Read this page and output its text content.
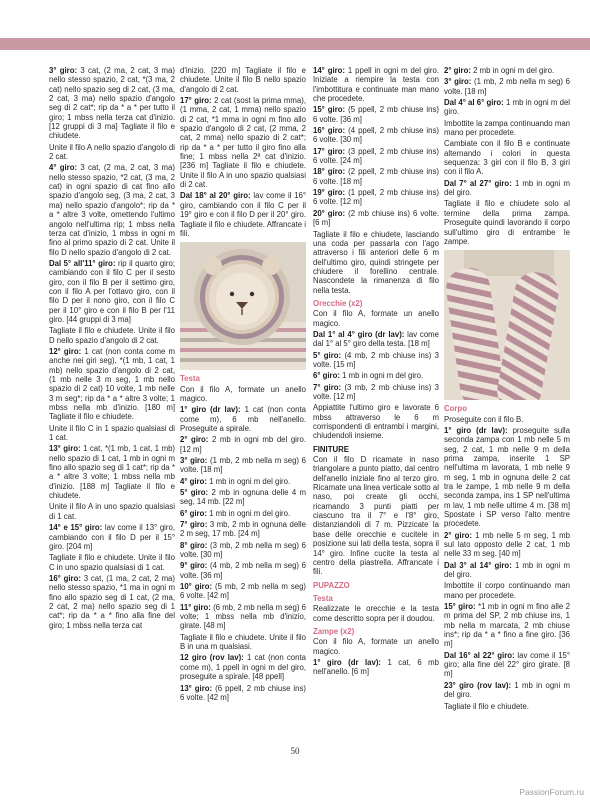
3° giro: 3 cat, (2 ma, 2 cat, 3 ma) nello stesso spazio, 2 cat, *(3 ma, 2 cat) nello spazio seg di 2 cat, (3 ma, 2 cat, 3 ma) nello spazio d'angolo seg di 2 cat*; rip da * a * per tutto il giro; 1 mbss nella terza cat d'inizio. [12 gruppi di 3 ma] Tagliate il filo e chiudete.

Unite il filo A nello spazio d'angolo di 2 cat.

4° giro: 3 cat, (2 ma, 2 cat, 3 ma) nello stesso spazio, *2 cat, (3 ma, 2 cat) in ogni spazio di cat fino allo spazio d'angolo seg, (3 ma, 2 cat, 3 ma) nello spazio d'angolo*; rip da * a * altre 3 volte, omettendo l'ultimo angolo nell'ultima rip; 1 mbss nella terza cat d'inizio, 1 mbss in ogni m fino al primo spazio di 2 cat. Unite il filo D nello spazio d'angolo di 2 cat.

Dal 5° all'11° giro: rip il quarto giro; cambiando con il filo C per il sesto giro, con il filo B per il settimo giro, con il filo A per l'ottavo giro, con il filo D per il nono giro, con il filo C per il 10° giro e con il filo B per l'11 giro. [44 gruppi di 3 ma]

Tagliate il filo e chiudete. Unite il filo D nello spazio d'angolo di 2 cat.

12° giro: 1 cat (non conta come m anche nei giri seg), *(1 mb, 1 cat, 1 mb) nello spazio d'angolo di 2 cat, (1 mb nelle 3 m seg, 1 mb nello spazio di 2 cat) 10 volte, 1 mb nelle 3 m seg*; rip da * a * altre 3 volte; 1 mbss nella mb d'inizio. [180 m] Tagliate il filo e chiudete.

Unite il filo C in 1 spazio qualsiasi di 1 cat.

13° giro: 1 cat, *(1 mb, 1 cat, 1 mb) nello spazio di 1 cat, 1 mb in ogni m fino allo spazio seg di 1 cat*; rip da * a * altre 3 volte; 1 mbss nella mb d'inizio. [188 m] Tagliate il filo e chiudete.

Unite il filo A in uno spazio qualsiasi di 1 cat.

14° e 15° giro: lav come il 13° giro, cambiando con il filo D per il 15° giro. [204 m]

Tagliate il filo e chiudete. Unite il filo C in uno spazio qualsiasi di 1 cat.

16° giro: 3 cat, (1 ma, 2 cat, 2 ma) nello stesso spazio, *1 ma in ogni m fino allo spazio seg di 1 cat, (2 ma, 2 cat, 2 ma) nello spazio seg di 1 cat*; rip da * a * fino alla fine del giro; 1 mbss nella terza cat

d'inizio. [220 m] Tagliate il filo e chiudete. Unite il filo B nello spazio d'angolo di 2 cat.

17° giro: 2 cat (sost la prima mma), (1 mma, 2 cat, 1 mma) nello spazio di 2 cat, *1 mma in ogni m fino allo spazio d'angolo di 2 cat, (2 mma, 2 cat, 2 mma) nello spazio di 2 cat*; rip da * a * per tutto il giro fino alla fine; 1 mbss nella 2ª cat d'inizio. [236 m] Tagliate il filo e chiudete. Unite il filo A in uno spazio qualsiasi di 2 cat.

Dal 18° al 20° giro: lav come il 16° giro, cambiando con il filo C per il 19° giro e con il filo D per il 20° giro. Tagliate il filo e chiudete. Affrancate i fili.

Testa

Con il filo A, formate un anello magico.

1° giro (dr lav): 1 cat (non conta come m), 6 mb nell'anello. Proseguite a spirale.

2° giro: 2 mb in ogni mb del giro. [12 m]

3° giro: (1 mb, 2 mb nella m seg) 6 volte. [18 m]

4° giro: 1 mb in ogni m del giro.

5° giro: 2 mb in ognuna delle 4 m seg, 14 mb. [22 m]

6° giro: 1 mb in ogni m del giro.

7° giro: 3 mb, 2 mb in ognuna delle 2 m seg, 17 mb. [24 m]

8° giro: (3 mb, 2 mb nella m seg) 6 volte. [30 m]

9° giro: (4 mb, 2 mb nella m seg) 6 volte. [36 m]

10° giro: (5 mb, 2 mb nella m seg) 6 volte. [42 m]

11° giro: (6 mb, 2 mb nella m seg) 6 volte; 1 mbss nella mb d'inizio, girate. [48 m]

Tagliate il filo e chiudete. Unite il filo B in una m qualsiasi.

12 giro (rov lav): 1 cat (non conta come m), 1 ppell in ogni m del giro, proseguite a spirale. [48 ppell]

13° giro: (6 ppell, 2 mb chiuse ins) 6 volte. [42 m]

14° giro: 1 ppell in ogni m del giro. Iniziate a riempire la testa con l'imbottitura e continuate man mano che procedete.

15° giro: (5 ppell, 2 mb chiuse ins) 6 volte. [36 m]

16° giro: (4 ppell, 2 mb chiuse ins) 6 volte. [30 m]

17° giro: (3 ppell, 2 mb chiuse ins) 6 volte. [24 m]

18° giro: (2 ppell, 2 mb chiuse ins) 6 volte. [18 m]

19° giro: (1 ppell, 2 mb chiuse ins) 6 volte. [12 m]

20° giro: (2 mb chiuse ins) 6 volte. [6 m]

Tagliate il filo e chiudete, lasciando una coda per passarla con l'ago attraverso i fili anteriori delle 6 m dell'ultimo giro, quindi stringete per chiudere il forellino centrale. Nascondete la rimanenza di filo nella testa.

Orecchie (x2)

Con il filo A, formate un anello magico.

Dal 1° al 4° giro (dr lav): lav come dal 1° al 5° giro della testa. [18 m]

5° giro: (4 mb, 2 mb chiuse ins) 3 volte. [15 m]

6° giro: 1 mb in ogni m del giro.

7° giro: (3 mb, 2 mb chiuse ins) 3 volte. [12 m]

Appiattite l'ultimo giro e lavorate 6 mbss attraverso le 6 m corrispondenti di entrambi i margini, chiudendoli insieme.

FINITURE

Con il filo D ricamate in naso triangolare a punto piatto, dal centro dell'anello iniziale fino al terzo giro. Ricamate una linea verticale sotto al naso, poi create gli occhi, ricamando 3 punti piatti per ciascuno tra il 7° e l'8° giro, distanziandoli di 7 m. Pizzicate la base delle orecchie e cucitele in posizione sui lati della testa, sopra il 14° giro. Infine cucite la testa al centro della piastrella. Affrancate i fili.

PUPAZZO
Testa

Realizzate le orecchie e la testa come descritto sopra per il doudou.

Zampe (x2)

Con il filo A, formate un anello magico.

1° giro (dr lav): 1 cat, 6 mb nell'anello. [6 m]

2° giro: 2 mb in ogni m del giro.

3° giro: (1 mb, 2 mb nella m seg) 6 volte. [18 m]

Dal 4° al 6° giro: 1 mb in ogni m del giro.

Imbottite la zampa continuando man mano per procedete.

Cambiate con il filo B e continuate alternando i colori in questa sequenza: 3 giri con il filo B, 3 giri con il filo A.

Dal 7° al 27° giro: 1 mb in ogni m del giro.

Tagliate il filo e chiudete solo al termine della prima zampa. Proseguite quindi lavorando il corpo sull'ultimo giro di entrambe le zampe.

Corpo

Proseguite con il filo B.

1° giro (dr lav): proseguite sulla seconda zampa con 1 mb nelle 5 m seg, 2 cat, 1 mb nelle 9 m della prima zampa, inserite 1 SP nell'ultima m lavorata, 1 mb nelle 9 m seg, 1 mb in ognuna delle 2 cat tra le zampe, 1 mb nelle 9 m della seconda zampa, ins 1 SP nell'ultima m lav, 1 mb nelle ultime 4 m. [38 m] Spostate i SP verso l'alto mentre procedete.

2° giro: 1 mb nelle 5 m seg, 1 mb sul lato opposto delle 2 cat, 1 mb nelle 33 m seg. [40 m]

Dal 3° al 14° giro: 1 mb in ogni m del giro.

Imbottite il corpo continuando man mano per procedete.

15° giro: *1 mb in ogni m fino alle 2 m prima del SP, 2 mb chiuse ins, 1 mb nella m marcata, 2 mb chiuse ins*; rip da * a * fino a fine giro. [36 m]

Dal 16° al 22° giro: lav come il 15° giro; alla fine del 22° giro girate. [8 m]

23° giro (rov lav): 1 mb in ogni m del giro.

Tagliate il filo e chiudete.

50
PassionForum.ru
